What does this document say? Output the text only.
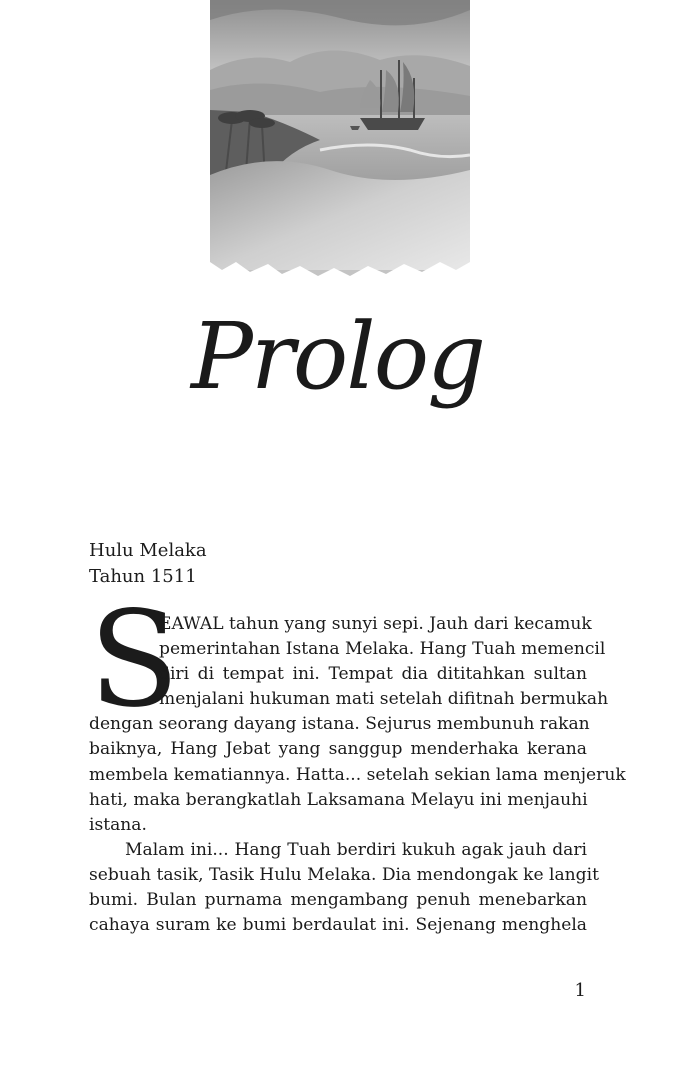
Prolog
Hulu Melaka
Tahun 1511
S
EAWAL tahun yang sunyi sepi. Jauh dari kecamuk
pemerintahan Istana Melaka. Hang Tuah memencil
diri di tempat ini. Tempat dia dititahkan sultan
menjalani hukuman mati setelah difitnah bermukah
dengan seorang dayang istana. Sejurus membunuh rakan
baiknya, Hang Jebat yang sanggup menderhaka kerana
membela kematiannya. Hatta... setelah sekian lama menjeruk
hati, maka berangkatlah Laksamana Melayu ini menjauhi
istana.
Malam ini... Hang Tuah berdiri kukuh agak jauh dari
sebuah tasik, Tasik Hulu Melaka. Dia mendongak ke langit
bumi. Bulan purnama mengambang penuh menebarkan
cahaya suram ke bumi berdaulat ini. Sejenang menghela
1
